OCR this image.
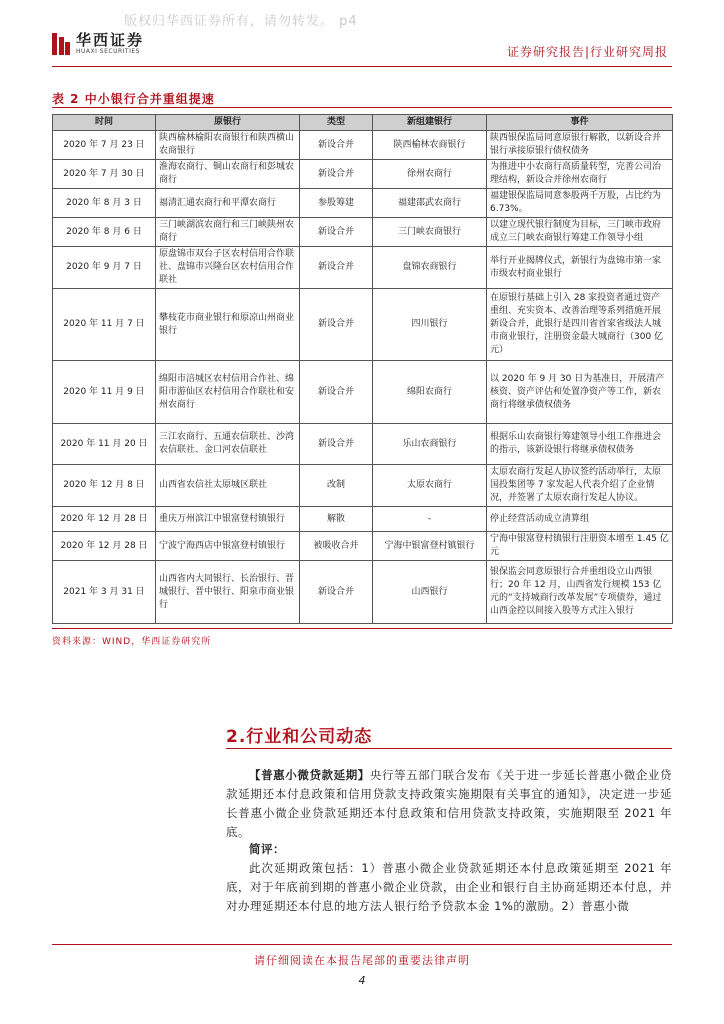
版权归华西证券所有，请勿转发。 p4
华西证券
HUAXI SECURITIES	证券研究报告|行业研究周报
表 2 中小银行合并重组提速
时间	原银行	类型	新组建银行	事件
2020 年 7 月 23 日	陕西榆林榆阳农商银行和陕西横山农商银行	新设合并	陕西榆林农商银行	陕西银保监局同意原银行解散，以新设合并银行承接原银行债权债务
2020 年 7 月 30 日	淮海农商行、铜山农商行和彭城农商行	新设合并	徐州农商行	为推进中小农商行高质量转型，完善公司治理结构，新设合并徐州农商行
2020 年 8 月 3 日	福清汇通农商行和平潭农商行	参股筹建	福建邵武农商行	福建银保监局同意参股两千万股，占比约为 6.73%。
2020 年 8 月 6 日	三门峡湖滨农商行和三门峡陕州农商行	新设合并	三门峡农商银行	以建立现代银行制度为目标，三门峡市政府成立三门峡农商银行筹建工作领导小组
2020 年 9 月 7 日	原盘锦市双台子区农村信用合作联社、盘锦市兴隆台区农村信用合作联社	新设合并	盘锦农商银行	举行开业揭牌仪式，新银行为盘锦市第一家市级农村商业银行
2020 年 11 月 7 日	攀枝花市商业银行和原凉山州商业银行	新设合并	四川银行	在原银行基础上引入 28 家投资者通过资产重组、充实资本、改善治理等系列措施开展新设合并，此银行是四川省首家省级法人城市商业银行，注册资金最大城商行（300 亿元）
2020 年 11 月 9 日	绵阳市涪城区农村信用合作社、绵阳市游仙区农村信用合作联社和安州农商行	新设合并	绵阳农商行	以 2020 年 9 月 30 日为基准日，开展清产核资、资产评估和处置净资产等工作，新农商行将继承债权债务
2020 年 11 月 20 日	三江农商行、五通农信联社、沙湾农信联社、金口河农信联社	新设合并	乐山农商银行	根据乐山农商银行筹建领导小组工作推进会的指示，该新设银行将继承债权债务
2020 年 12 月 8 日	山西省农信社太原城区联社	改制	太原农商行	太原农商行发起人协议签约活动举行，太原国投集团等 7 家发起人代表介绍了企业情况，并签署了太原农商行发起人协议。
2020 年 12 月 28 日	重庆万州滨江中银富登村镇银行	解散	-	停止经营活动成立清算组
2020 年 12 月 28 日	宁波宁海西店中银富登村镇银行	被吸收合并	宁海中银富登村镇银行	宁海中银富登村镇银行注册资本增至 1.45 亿元
2021 年 3 月 31 日	山西省内大同银行、长治银行、晋城银行、晋中银行、阳泉市商业银行	新设合并	山西银行	银保监会同意原银行合并重组设立山西银行；20 年 12 月，山西省发行规模 153 亿元的“支持城商行改革发展”专项债券，通过山西金控以间接入股等方式注入银行
资料来源：WIND，华西证券研究所
2.行业和公司动态
【普惠小微贷款延期】央行等五部门联合发布《关于进一步延长普惠小微企业贷款延期还本付息政策和信用贷款支持政策实施期限有关事宜的通知》，决定进一步延长普惠小微企业贷款延期还本付息政策和信用贷款支持政策，实施期限至 2021 年底。
简评：
此次延期政策包括：1）普惠小微企业贷款延期还本付息政策延期至 2021 年底，对于年底前到期的普惠小微企业贷款，由企业和银行自主协商延期还本付息，并对办理延期还本付息的地方法人银行给予贷款本金 1%的激励。2）普惠小微
请仔细阅读在本报告尾部的重要法律声明
4
